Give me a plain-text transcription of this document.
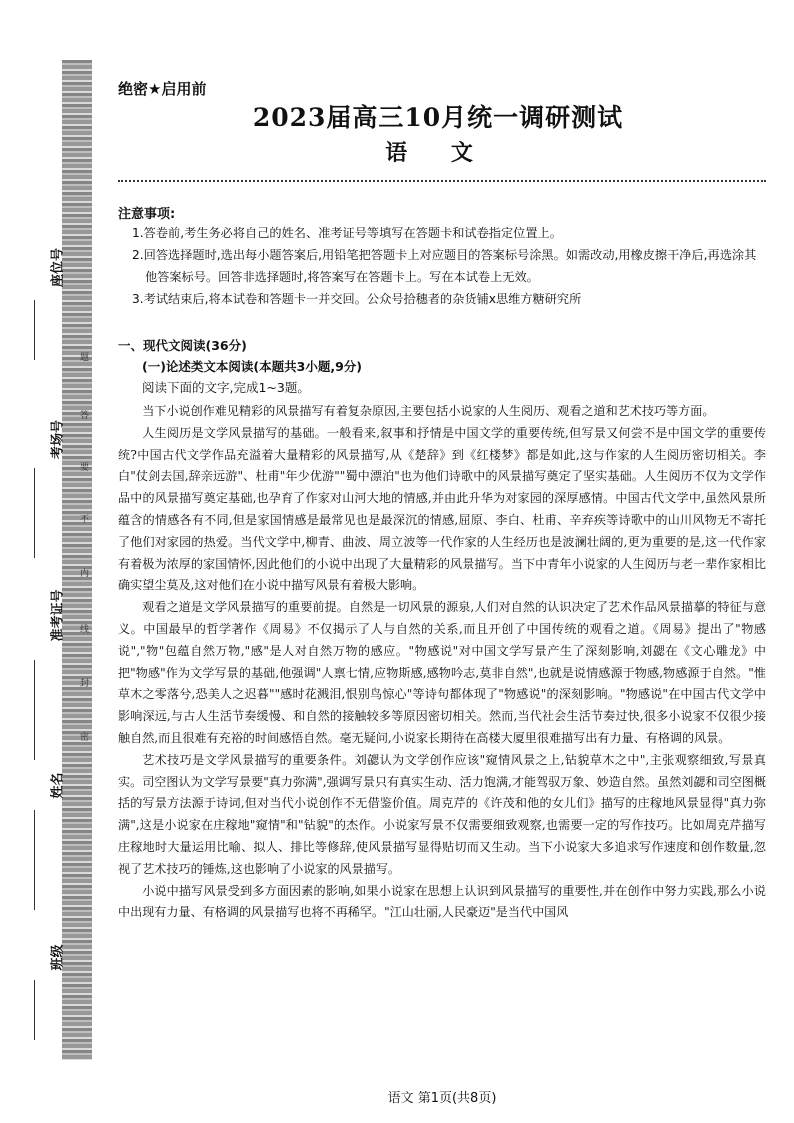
座位号
考场号
准考证号
姓名
班级
题
答
要
不
内
线
封
密
绝密★启用前
2023届高三10月统一调研测试
语 文
注意事项:
1.答卷前,考生务必将自己的姓名、准考证号等填写在答题卡和试卷指定位置上。
2.回答选择题时,选出每小题答案后,用铅笔把答题卡上对应题目的答案标号涂黑。如需改动,用橡皮擦干净后,再选涂其他答案标号。回答非选择题时,将答案写在答题卡上。写在本试卷上无效。
3.考试结束后,将本试卷和答题卡一并交回。公众号拾穗者的杂货铺x思维方糖研究所
一、现代文阅读(36分)
(一)论述类文本阅读(本题共3小题,9分)
阅读下面的文字,完成1~3题。

当下小说创作难见精彩的风景描写有着复杂原因,主要包括小说家的人生阅历、观看之道和艺术技巧等方面。

人生阅历是文学风景描写的基础。一般看来,叙事和抒情是中国文学的重要传统,但写景又何尝不是中国文学的重要传统?中国古代文学作品充溢着大量精彩的风景描写,从《楚辞》到《红楼梦》都是如此,这与作家的人生阅历密切相关。李白"仗剑去国,辞亲远游"、杜甫"年少优游""蜀中漂泊"也为他们诗歌中的风景描写奠定了坚实基础。人生阅历不仅为文学作品中的风景描写奠定基础,也孕育了作家对山河大地的情感,并由此升华为对家园的深厚感情。中国古代文学中,虽然风景所蕴含的情感各有不同,但是家国情感是最常见也是最深沉的情感,屈原、李白、杜甫、辛弃疾等诗歌中的山川风物无不寄托了他们对家园的热爱。当代文学中,柳青、曲波、周立波等一代作家的人生经历也是波澜壮阔的,更为重要的是,这一代作家有着极为浓厚的家国情怀,因此他们的小说中出现了大量精彩的风景描写。当下中青年小说家的人生阅历与老一辈作家相比确实望尘莫及,这对他们在小说中描写风景有着极大影响。

观看之道是文学风景描写的重要前提。自然是一切风景的源泉,人们对自然的认识决定了艺术作品风景描摹的特征与意义。中国最早的哲学著作《周易》不仅揭示了人与自然的关系,而且开创了中国传统的观看之道。《周易》提出了"物感说","物"包蕴自然万物,"感"是人对自然万物的感应。"物感说"对中国文学写景产生了深刻影响,刘勰在《文心雕龙》中把"物感"作为文学写景的基础,他强调"人禀七情,应物斯感,感物吟志,莫非自然",也就是说情感源于物感,物感源于自然。"惟草木之零落兮,恐美人之迟暮""感时花溅泪,恨别鸟惊心"等诗句都体现了"物感说"的深刻影响。"物感说"在中国古代文学中影响深远,与古人生活节奏缓慢、和自然的接触较多等原因密切相关。然而,当代社会生活节奏过快,很多小说家不仅很少接触自然,而且很难有充裕的时间感悟自然。毫无疑问,小说家长期待在高楼大厦里很难描写出有力量、有格调的风景。

艺术技巧是文学风景描写的重要条件。刘勰认为文学创作应该"窥情风景之上,钻貌草木之中",主张观察细致,写景真实。司空图认为文学写景要"真力弥满",强调写景只有真实生动、活力饱满,才能驾驭万象、妙造自然。虽然刘勰和司空图概括的写景方法源于诗词,但对当代小说创作不无借鉴价值。周克芹的《许茂和他的女儿们》描写的庄稼地风景显得"真力弥满",这是小说家在庄稼地"窥情"和"钻貌"的杰作。小说家写景不仅需要细致观察,也需要一定的写作技巧。比如周克芹描写庄稼地时大量运用比喻、拟人、排比等修辞,使风景描写显得贴切而又生动。当下小说家大多追求写作速度和创作数量,忽视了艺术技巧的锤炼,这也影响了小说家的风景描写。

小说中描写风景受到多方面因素的影响,如果小说家在思想上认识到风景描写的重要性,并在创作中努力实践,那么小说中出现有力量、有格调的风景描写也将不再稀罕。"江山壮丽,人民豪迈"是当代中国风

语文 第1页(共8页)
